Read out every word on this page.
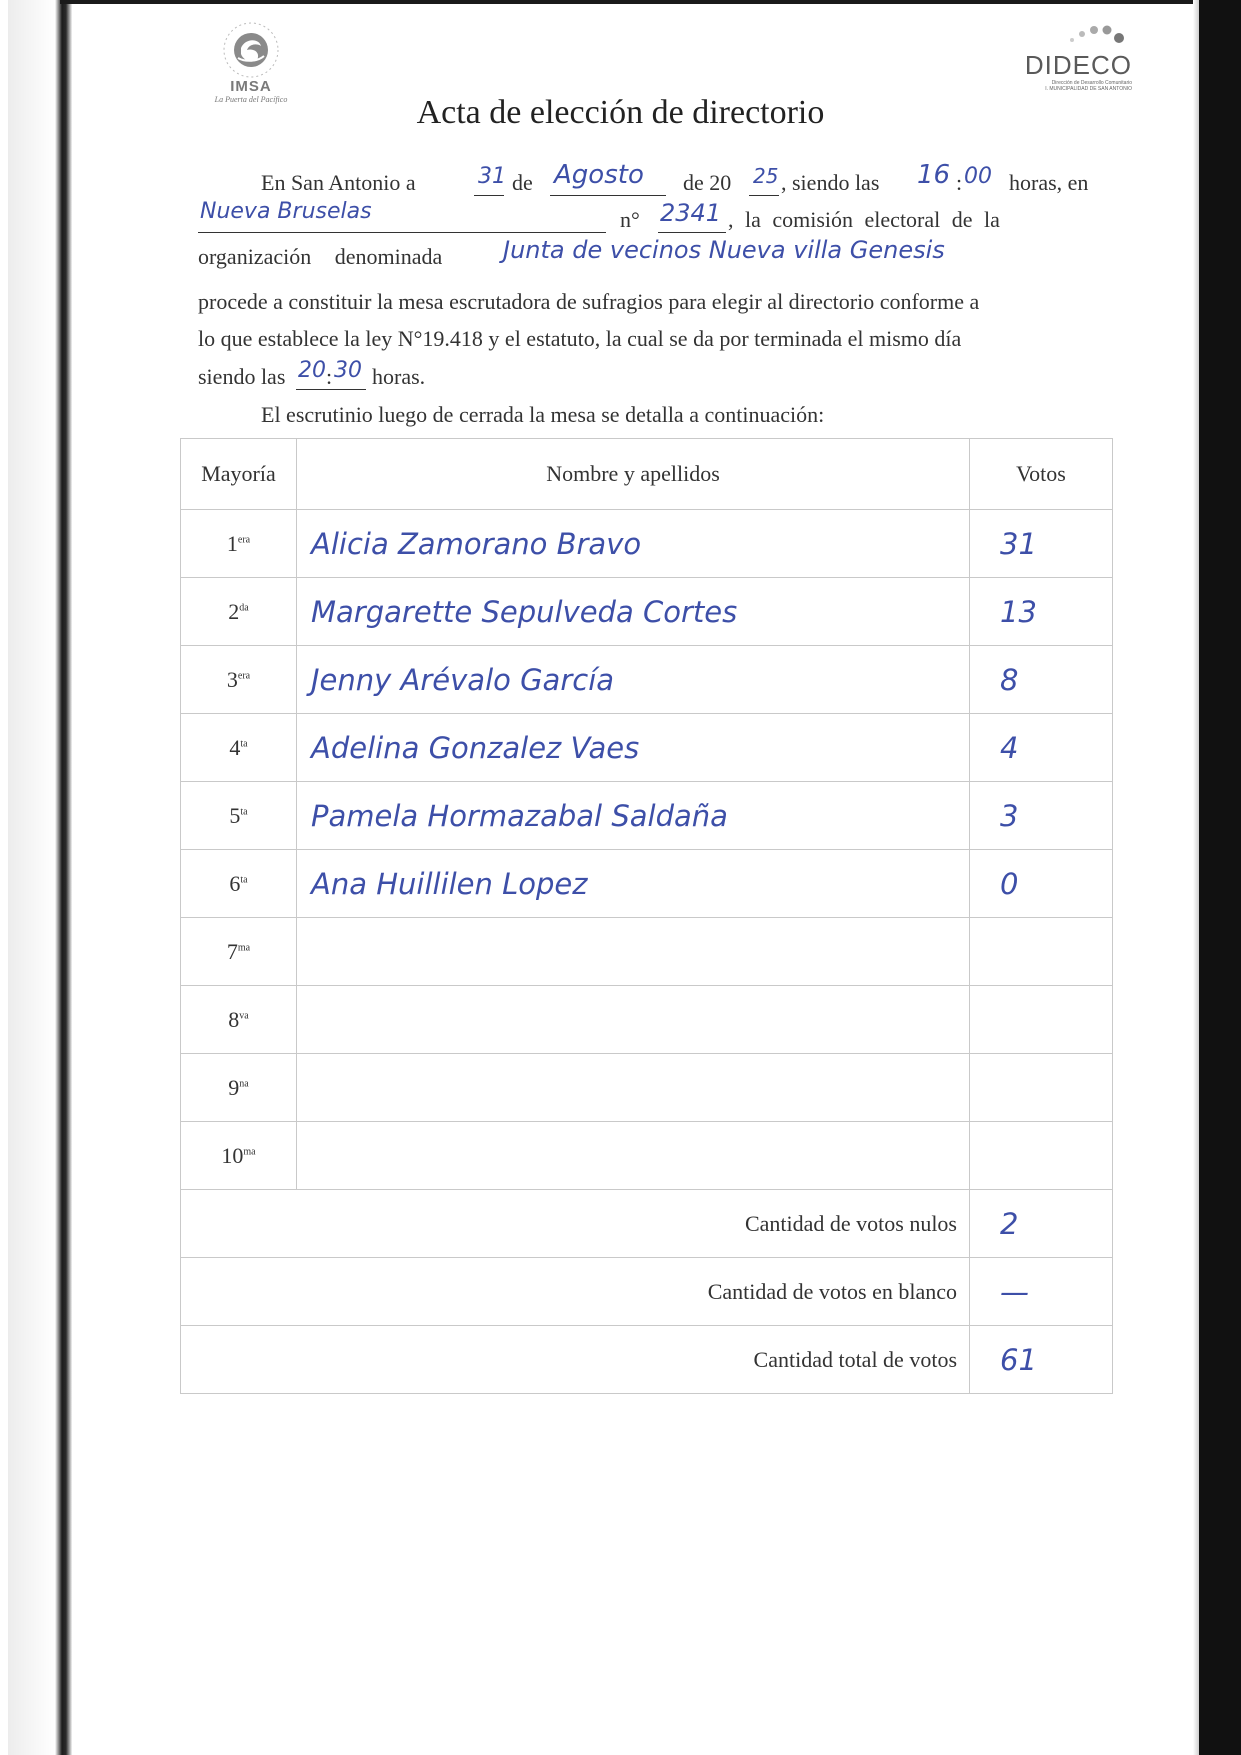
IMSA
La Puerta del Pacífico
DIDECO
Dirección de Desarrollo Comunitario
I. MUNICIPALIDAD DE SAN ANTONIO
Acta de elección de directorio
En San Antonio a	31 de Agosto de 20 25 , siendo las 16 : 00 horas, en
Nueva Bruselas	n° 2341 , la comisión electoral de la
organización denominada	Junta de vecinos Nueva villa Genesis
procede a constituir la mesa escrutadora de sufragios para elegir al directorio conforme a
lo que establece la ley N°19.418 y el estatuto, la cual se da por terminada el mismo día
siendo las 20 : 30 horas.
El escrutinio luego de cerrada la mesa se detalla a continuación:
Mayoría	Nombre y apellidos	Votos
$1^{era}$	Alicia Zamorano Bravo	31
$2^{da}$	Margarette Sepulveda Cortes	13
$3^{era}$	Jenny Arévalo García	8
$4^{ta}$	Adelina Gonzalez Vaes	4
$5^{ta}$	Pamela Hormazabal Saldaña	3
$6^{ta}$	Ana Huillilen Lopez	0
$7^{ma}$		
$8^{va}$		
$9^{na}$		
$10^{ma}$		
Cantidad de votos nulos		2
Cantidad de votos en blanco		—
Cantidad total de votos		61
